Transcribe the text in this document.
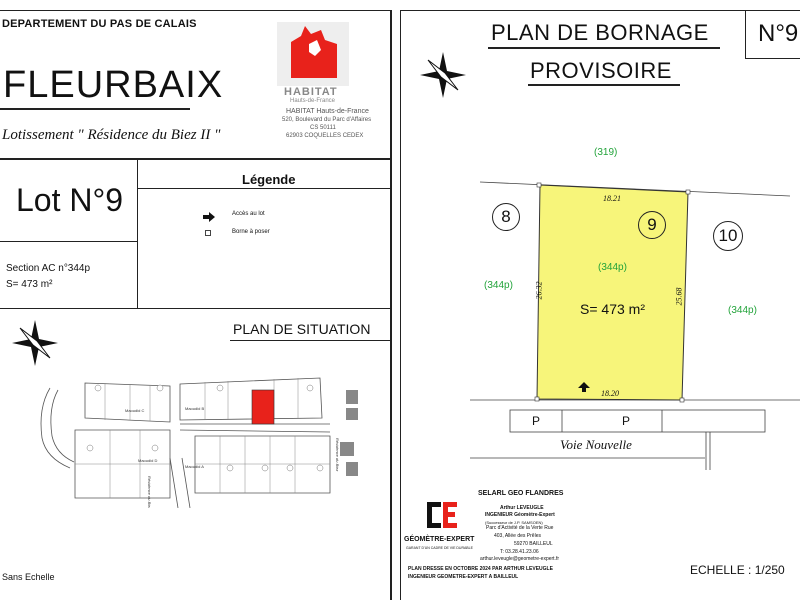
DEPARTEMENT DU PAS DE CALAIS
FLEURBAIX
Lotissement " Résidence du Biez II "
HABITAT
Hauts-de-France
HABITAT Hauts-de-France
520, Boulevard du Parc d'Affaires
CS 50111
62903 COQUELLES CEDEX
Lot N°9
Section AC n°344p
S= 473 m²
Légende
Accès au lot
Borne à poser
PLAN DE SITUATION
Maoudid C	Maoudid B
Maoudid D
Maoudid A	Résidence du Biez
Résidence du Biez
Sans Echelle
PLAN DE BORNAGE
PROVISOIRE
N°9
(319)
18.21
18.20
26.32	25.68
(344p)
(344p)
(344p)
S= 473 m²
8	9
10
P	P
Voie Nouvelle
GÉOMÈTRE-EXPERT
GARANT D'UN CADRE DE VIE DURABLE
SELARL GEO FLANDRES
Arthur LEVEUGLE
INGENIEUR Géomètre-Expert
(Successeur de J.P. SAMSOEN)
Parc d'Activité de la Verte Rue
403, Allée des Prêles
59270 BAILLEUL
T: 03.28.41.23.06
arthur.leveugle@geometre-expert.fr
PLAN DRESSE EN OCTOBRE 2024 PAR ARTHUR LEVEUGLE
INGENIEUR GEOMETRE-EXPERT A BAILLEUL	ECHELLE : 1/250
